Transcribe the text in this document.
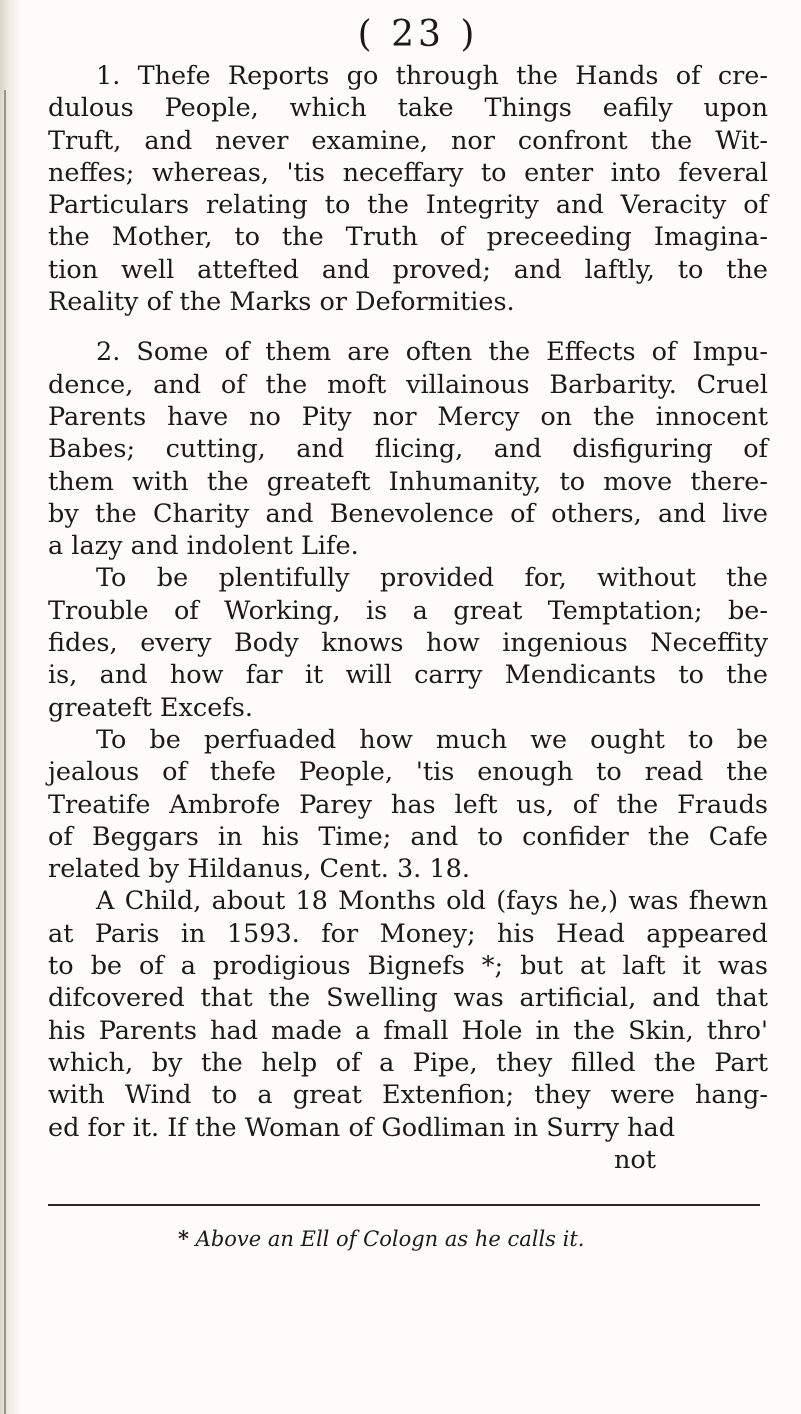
( 23 )

1. Thefe Reports go through the Hands of cre-
dulous People, which take Things eafily upon
Truft, and never examine, nor confront the Wit-
neffes; whereas, 'tis neceffary to enter into feveral
Particulars relating to the Integrity and Veracity of
the Mother, to the Truth of preceeding Imagina-
tion well attefted and proved; and laftly, to the
Reality of the Marks or Deformities.

2. Some of them are often the Effects of Impu-
dence, and of the moft villainous Barbarity. Cruel
Parents have no Pity nor Mercy on the innocent
Babes; cutting, and flicing, and disfiguring of
them with the greateft Inhumanity, to move there-
by the Charity and Benevolence of others, and live
a lazy and indolent Life.

To be plentifully provided for, without the
Trouble of Working, is a great Temptation; be-
fides, every Body knows how ingenious Neceffity
is, and how far it will carry Mendicants to the
greateft Excefs.

To be perfuaded how much we ought to be
jealous of thefe People, 'tis enough to read the
Treatife Ambrofe Parey has left us, of the Frauds
of Beggars in his Time; and to confider the Cafe
related by Hildanus, Cent. 3. 18.

A Child, about 18 Months old (fays he,) was fhewn
at Paris in 1593. for Money; his Head appeared
to be of a prodigious Bignefs *; but at laft it was
difcovered that the Swelling was artificial, and that
his Parents had made a fmall Hole in the Skin, thro'
which, by the help of a Pipe, they filled the Part
with Wind to a great Extenfion; they were hang-
ed for it. If the Woman of Godliman in Surry had

not
* Above an Ell of Cologn as he calls it.
